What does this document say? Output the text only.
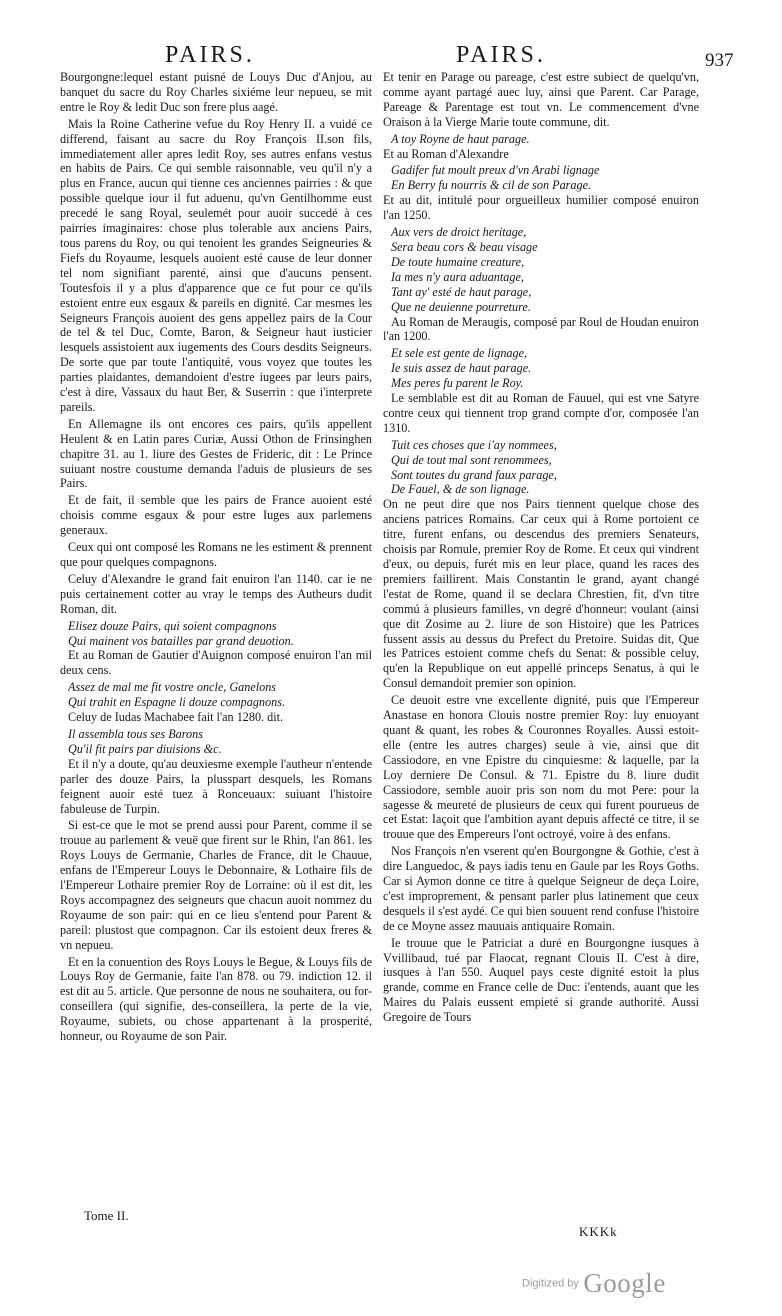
PAIRS.	PAIRS.	937

Bourgongne:lequel estant puisné de Louys Duc d'Anjou, au banquet du sacre du Roy Charles sixiéme leur nepueu, se mit entre le Roy & ledit Duc son frere plus aagé.

Mais la Roine Catherine vefue du Roy Henry II. a vuidé ce differend, faisant au sacre du Roy François II.son fils, immediatement aller apres ledit Roy, ses autres enfans vestus en habits de Pairs. Ce qui semble raisonnable, veu qu'il n'y a plus en France, aucun qui tienne ces anciennes pairries : & que possible quelque iour il fut aduenu, qu'vn Gentilhomme eust precedé le sang Royal, seulemét pour auoir succedé à ces pairries imaginaires: chose plus tolerable aux anciens Pairs, tous parens du Roy, ou qui tenoient les grandes Seigneuries & Fiefs du Royaume, lesquels auoient esté cause de leur donner tel nom signifiant parenté, ainsi que d'aucuns pensent. Toutesfois il y a plus d'apparence que ce fut pour ce qu'ils estoient entre eux esgaux & pareils en dignité. Car mesmes les Seigneurs François auoient des gens appellez pairs de la Cour de tel & tel Duc, Comte, Baron, & Seigneur haut iusticier lesquels assistoient aux iugements des Cours desdits Seigneurs. De sorte que par toute l'antiquité, vous voyez que toutes les parties plaidantes, demandoient d'estre iugees par leurs pairs, c'est à dire, Vassaux du haut Ber, & Suserrin : que i'interprete pareils.

En Allemagne ils ont encores ces pairs, qu'ils appellent Heulent & en Latin pares Curiæ, Aussi Othon de Frinsinghen chapitre 31. au 1. liure des Gestes de Frideric, dit : Le Prince suiuant nostre coustume demanda l'aduis de plusieurs de ses Pairs.

Et de fait, il semble que les pairs de France auoient esté choisis comme esgaux & pour estre Iuges aux parlemens generaux.

Ceux qui ont composé les Romans ne les estiment & prennent que pour quelques compagnons.

Celuy d'Alexandre le grand fait enuiron l'an 1140. car ie ne puis certainement cotter au vray le temps des Autheurs dudit Roman, dit.

Elisez douze Pairs, qui soient compagnons

Qui mainent vos batailles par grand deuotion.

Et au Roman de Gautier d'Auignon composé enuiron l'an mil deux cens.

Assez de mal me fit vostre oncle, Ganelons

Qui trahit en Espagne li douze compagnons.

Celuy de Iudas Machabee fait l'an 1280. dit.

Il assembla tous ses Barons

Qu'il fit pairs par diuisions &c.

Et il n'y a doute, qu'au deuxiesme exemple l'autheur n'entende parler des douze Pairs, la plusspart desquels, les Romans feignent auoir esté tuez à Ronceuaux: suiuant l'histoire fabuleuse de Turpin.

Si est-ce que le mot se prend aussi pour Parent, comme il se trouue au parlement & veuë que firent sur le Rhin, l'an 861. les Roys Louys de Germanie, Charles de France, dit le Chauue, enfans de l'Empereur Louys le Debonnaire, & Lothaire fils de l'Empereur Lothaire premier Roy de Lorraine: où il est dit, les Roys accompagnez des seigneurs que chacun auoit nommez du Royaume de son pair: qui en ce lieu s'entend pour Parent & pareil: plustost que compagnon. Car ils estoient deux freres & vn nepueu.

Et en la conuention des Roys Louys le Begue, & Louys fils de Louys Roy de Germanie, faite l'an 878. ou 79. indiction 12. il est dit au 5. article. Que personne de nous ne souhaitera, ou for-conseillera (qui signifie, des-conseillera, la perte de la vie, Royaume, subiets, ou chose appartenant à la prosperité, honneur, ou Royaume de son Pair.

Et tenir en Parage ou pareage, c'est estre subiect de quelqu'vn, comme ayant partagé auec luy, ainsi que Parent. Car Parage, Pareage & Parentage est tout vn. Le commencement d'vne Oraison à la Vierge Marie toute commune, dit.

A toy Royne de haut parage.

Et au Roman d'Alexandre

Gadifer fut moult preux d'vn Arabi lignage

En Berry fu nourris & cil de son Parage.

Et au dit, intitulé pour orgueilleux humilier composé enuiron l'an 1250.

Aux vers de droict heritage,

Sera beau cors & beau visage

De toute humaine creature,

Ia mes n'y aura aduantage,

Tant ay' esté de haut parage,

Que ne deuienne pourreture.

Au Roman de Meraugis, composé par Roul de Houdan enuiron l'an 1200.

Et sele est gente de lignage,

Ie suis assez de haut parage.

Mes peres fu parent le Roy.

Le semblable est dit au Roman de Fauuel, qui est vne Satyre contre ceux qui tiennent trop grand compte d'or, composée l'an 1310.

Tuit ces choses que i'ay nommees,

Qui de tout mal sont renommees,

Sont toutes du grand faux parage,

De Fauel, & de son lignage.

On ne peut dire que nos Pairs tiennent quelque chose des anciens patrices Romains. Car ceux qui à Rome portoient ce titre, furent enfans, ou descendus des premiers Senateurs, choisis par Romule, premier Roy de Rome. Et ceux qui vindrent d'eux, ou depuis, furét mis en leur place, quand les races des premiers faillirent. Mais Constantin le grand, ayant changé l'estat de Rome, quand il se declara Chrestien, fit, d'vn titre commú à plusieurs familles, vn degré d'honneur: voulant (ainsi que dit Zosime au 2. liure de son Histoire) que les Patrices fussent assis au dessus du Prefect du Pretoire. Suidas dit, Que les Patrices estoient comme chefs du Senat: & possible celuy, qu'en la Republique on eut appellé princeps Senatus, à qui le Consul demandoit premier son opinion.

Ce deuoit estre vne excellente dignité, puis que l'Empereur Anastase en honora Clouis nostre premier Roy: luy enuoyant quant & quant, les robes & Couronnes Royalles. Aussi estoit-elle (entre les autres charges) seule à vie, ainsi que dit Cassiodore, en vne Epistre du cinquiesme: & laquelle, par la Loy derniere De Consul. & 71. Epistre du 8. liure dudit Cassiodore, semble auoir pris son nom du mot Pere: pour la sagesse & meureté de plusieurs de ceux qui furent pourueus de cet Estat: Iaçoit que l'ambition ayant depuis affecté ce titre, il se trouue que des Empereurs l'ont octroyé, voire à des enfans.

Nos François n'en vserent qu'en Bourgongne & Gothie, c'est à dire Languedoc, & pays iadis tenu en Gaule par les Roys Goths. Car si Aymon donne ce titre à quelque Seigneur de deça Loire, c'est improprement, & pensant parler plus latinement que ceux desquels il s'est aydé. Ce qui bien souuent rend confuse l'histoire de ce Moyne assez mauuais antiquaire Romain.

Ie trouue que le Patriciat a duré en Bourgongne iusques à Vvillibaud, tué par Flaocat, regnant Clouis II. C'est à dire, iusques à l'an 550. Auquel pays ceste dignité estoit la plus grande, comme en France celle de Duc: i'entends, auant que les Maires du Palais eussent empieté si grande authorité. Aussi Gregoire de Tours

Tome II.
KKKk
Digitized by Google
